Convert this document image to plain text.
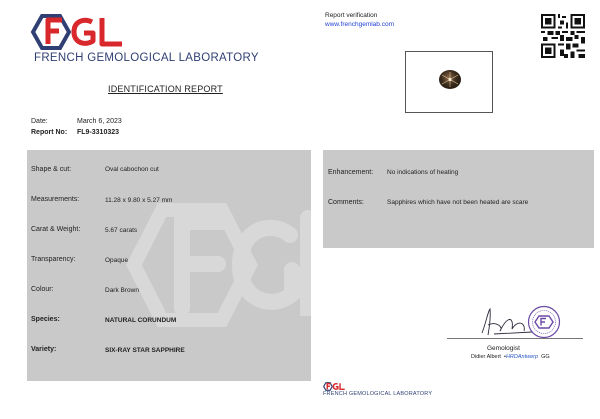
FRENCH GEMOLOGICAL LABORATORY
Report verification
www.frenchgemlab.com
IDENTIFICATION REPORT
Date:	March 6, 2023
Report No:	FL9-3310323
Shape & cut:	Oval cabochon cut
Measurements:	11.28 x 9.80 x 5.27 mm
Carat & Weight:	5.67 carats
Transparency:	Opaque
Colour:	Dark Brown
Species:	NATURAL CORUNDUM
Variety:	SIX-RAY STAR SAPPHIRE
Enhancement: No indications of heating
Comments:	Sapphires which have not been heated are scare
Gemologist
Didier Albert  •HRDAntwerp GG
FRENCH GEMOLOGICAL LABORATORY
